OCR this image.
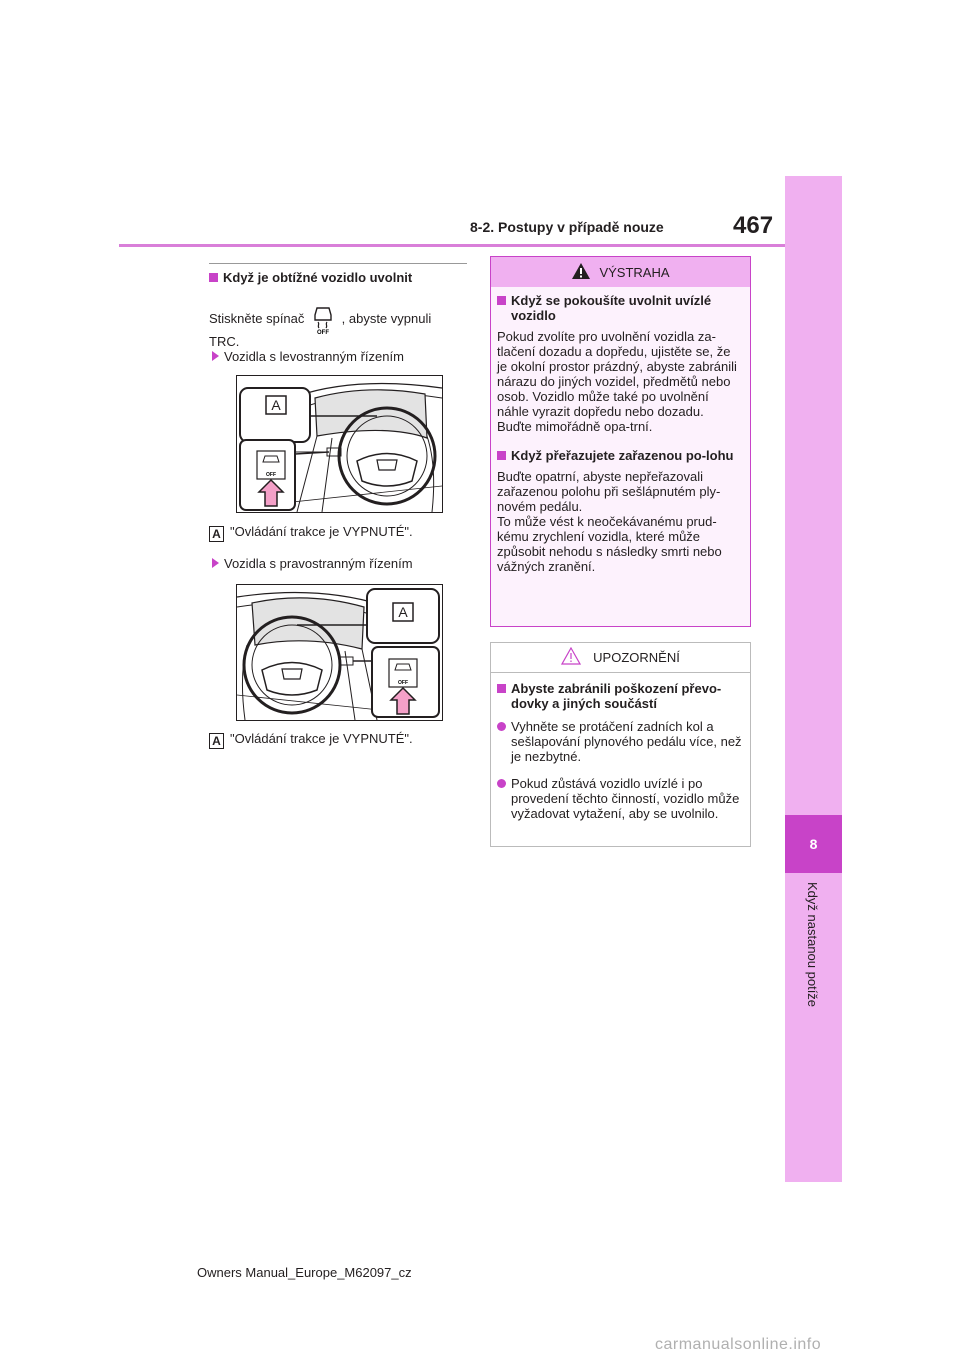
8
Když nastanou potíže
8-2. Postupy v případě nouze	467
Když je obtížné vozidlo uvolnit
Stiskněte spínač
OFF
, abyste vypnuli
TRC.
Vozidla s levostranným řízením
A
OFF
A "Ovládání trakce je VYPNUTÉ".
Vozidla s pravostranným řízením
A
OFF
A "Ovládání trakce je VYPNUTÉ".
VÝSTRAHA
Když se pokoušíte uvolnit uvízlé vozidlo
Pokud zvolíte pro uvolnění vozidla za-tlačení dozadu a dopředu, ujistěte se, že je okolní prostor prázdný, abyste zabránili nárazu do jiných vozidel, předmětů nebo osob. Vozidlo může také po uvolnění náhle vyrazit dopředu nebo dozadu. Buďte mimořádně opa-trní.
Když přeřazujete zařazenou po-lohu
Buďte opatrní, abyste nepřeřazovali zařazenou polohu při sešlápnutém ply-novém pedálu.
To může vést k neočekávanému prud-kému zrychlení vozidla, které může způsobit nehodu s následky smrti nebo vážných zranění.
UPOZORNĚNÍ
Abyste zabránili poškození převo-dovky a jiných součástí
Vyhněte se protáčení zadních kol a sešlapování plynového pedálu více, než je nezbytné.
Pokud zůstává vozidlo uvízlé i po provedení těchto činností, vozidlo může vyžadovat vytažení, aby se uvolnilo.
Owners Manual_Europe_M62097_cz
carmanualsonline.info
